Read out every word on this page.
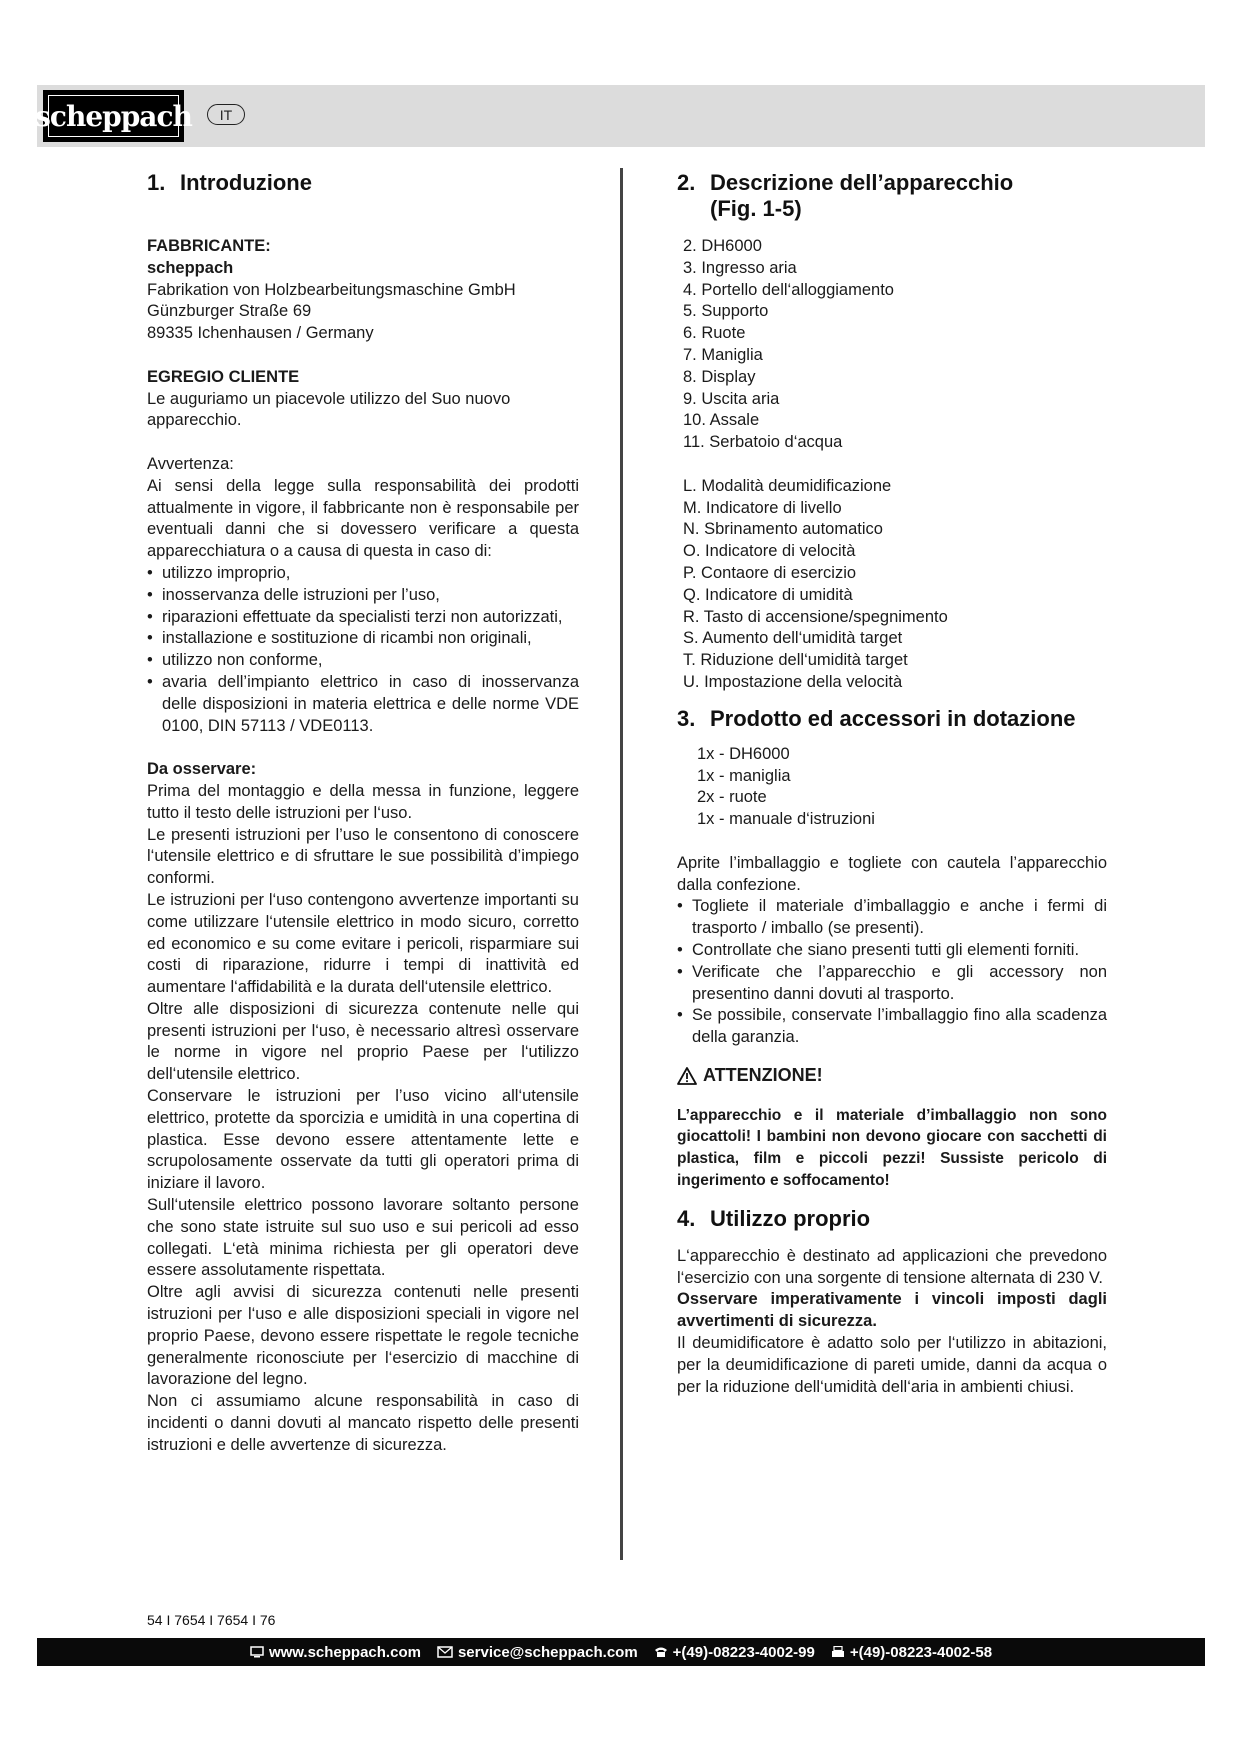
scheppach	IT
1. Introduzione

FABBRICANTE:

scheppach

Fabrikation von Holzbearbeitungsmaschine GmbH

Günzburger Straße 69

89335 Ichenhausen / Germany

EGREGIO CLIENTE

Le auguriamo un piacevole utilizzo del Suo nuovo apparecchio.

Avvertenza:

Ai sensi della legge sulla responsabilità dei prodotti attualmente in vigore, il fabbricante non è responsabile per eventuali danni che si dovessero verificare a questa apparecchiatura o a causa di questa in caso di:

• utilizzo improprio,
• inosservanza delle istruzioni per l’uso,
• riparazioni effettuate da specialisti terzi non autorizzati,
• installazione e sostituzione di ricambi non originali,
• utilizzo non conforme,
• avaria dell’impianto elettrico in caso di inosservanza delle disposizioni in materia elettrica e delle norme VDE 0100, DIN 57113 / VDE0113.

Da osservare:

Prima del montaggio e della messa in funzione, leggere tutto il testo delle istruzioni per l‘uso.

Le presenti istruzioni per l’uso le consentono di conoscere l‘utensile elettrico e di sfruttare le sue possibilità d’impiego conformi.

Le istruzioni per l‘uso contengono avvertenze importanti su come utilizzare l‘utensile elettrico in modo sicuro, corretto ed economico e su come evitare i pericoli, risparmiare sui costi di riparazione, ridurre i tempi di inattività ed aumentare l‘affidabilità e la durata dell‘utensile elettrico.

Oltre alle disposizioni di sicurezza contenute nelle qui presenti istruzioni per l‘uso, è necessario altresì osservare le norme in vigore nel proprio Paese per l‘utilizzo dell‘utensile elettrico.

Conservare le istruzioni per l’uso vicino all‘utensile elettrico, protette da sporcizia e umidità in una copertina di plastica. Esse devono essere attentamente lette e scrupolosamente osservate da tutti gli operatori prima di iniziare il lavoro.

Sull‘utensile elettrico possono lavorare soltanto persone che sono state istruite sul suo uso e sui pericoli ad esso collegati. L‘età minima richiesta per gli operatori deve essere assolutamente rispettata.

Oltre agli avvisi di sicurezza contenuti nelle presenti istruzioni per l‘uso e alle disposizioni speciali in vigore nel proprio Paese, devono essere rispettate le regole tecniche generalmente riconosciute per l‘esercizio di macchine di lavorazione del legno.

Non ci assumiamo alcune responsabilità in caso di incidenti o danni dovuti al mancato rispetto delle presenti istruzioni e delle avvertenze di sicurezza.

2. Descrizione dell’apparecchio
(Fig. 1-5)
2. DH6000
3. Ingresso aria
4. Portello dell‘alloggiamento
5. Supporto
6. Ruote
7. Maniglia
8. Display
9. Uscita aria
10. Assale
11. Serbatoio d‘acqua
L. Modalità deumidificazione
M. Indicatore di livello
N. Sbrinamento automatico
O. Indicatore di velocità
P. Contaore di esercizio
Q. Indicatore di umidità
R. Tasto di accensione/spegnimento
S. Aumento dell‘umidità target
T. Riduzione dell‘umidità target
U. Impostazione della velocità
3. Prodotto ed accessori in dotazione

1x - DH6000

1x - maniglia

2x - ruote

1x - manuale d‘istruzioni

Aprite l’imballaggio e togliete con cautela l’apparecchio dalla confezione.

• Togliete il materiale d’imballaggio e anche i fermi di trasporto / imballo (se presenti).
• Controllate che siano presenti tutti gli elementi forniti.
• Verificate che l’apparecchio e gli accessory non presentino danni dovuti al trasporto.
• Se possibile, conservate l’imballaggio fino alla scadenza della garanzia.
ATTENZIONE!

L’apparecchio e il materiale d’imballaggio non sono giocattoli! I bambini non devono giocare con sacchetti di plastica, film e piccoli pezzi! Sussiste pericolo di ingerimento e soffocamento!

4. Utilizzo proprio

L‘apparecchio è destinato ad applicazioni che prevedono l‘esercizio con una sorgente di tensione alternata di 230 V.

Osservare imperativamente i vincoli imposti dagli avvertimenti di sicurezza.

Il deumidificatore è adatto solo per l‘utilizzo in abitazioni, per la deumidificazione di pareti umide, danni da acqua o per la riduzione dell‘umidità dell‘aria in ambienti chiusi.

54 I 7654 I 7654 I 76
www.scheppach.com service@scheppach.com +(49)-08223-4002-99 +(49)-08223-4002-58
